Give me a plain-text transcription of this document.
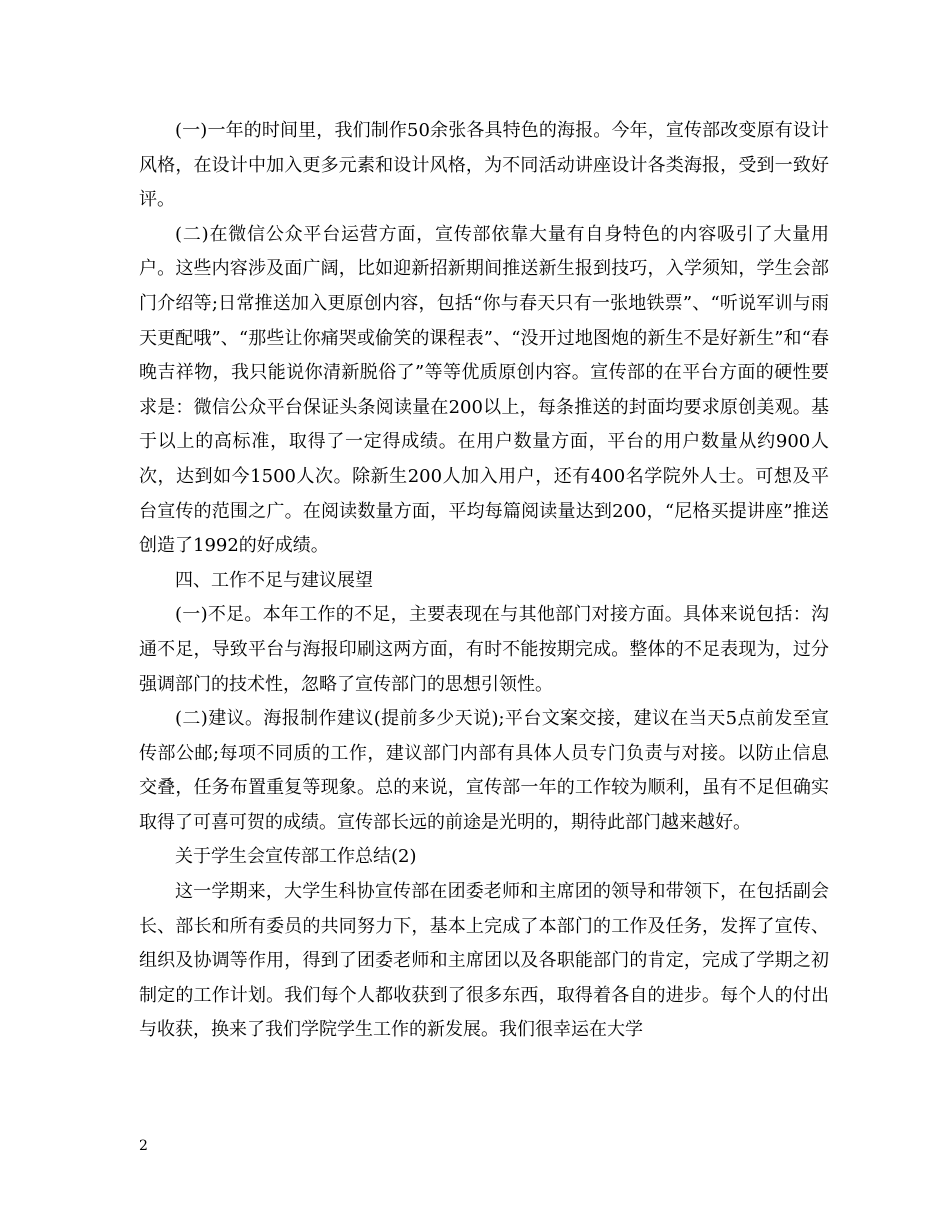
(一)一年的时间里，我们制作50余张各具特色的海报。今年，宣传部改变原有设计风格，在设计中加入更多元素和设计风格，为不同活动讲座设计各类海报，受到一致好评。

(二)在微信公众平台运营方面，宣传部依靠大量有自身特色的内容吸引了大量用户。这些内容涉及面广阔，比如迎新招新期间推送新生报到技巧，入学须知，学生会部门介绍等;日常推送加入更原创内容，包括“你与春天只有一张地铁票”、“听说军训与雨天更配哦”、“那些让你痛哭或偷笑的课程表”、“没开过地图炮的新生不是好新生”和“春晚吉祥物，我只能说你清新脱俗了”等等优质原创内容。宣传部的在平台方面的硬性要求是：微信公众平台保证头条阅读量在200以上，每条推送的封面均要求原创美观。基于以上的高标准，取得了一定得成绩。在用户数量方面，平台的用户数量从约900人次，达到如今1500人次。除新生200人加入用户，还有400名学院外人士。可想及平台宣传的范围之广。在阅读数量方面，平均每篇阅读量达到200，“尼格买提讲座”推送创造了1992的好成绩。

四、工作不足与建议展望

(一)不足。本年工作的不足，主要表现在与其他部门对接方面。具体来说包括：沟通不足，导致平台与海报印刷这两方面，有时不能按期完成。整体的不足表现为，过分强调部门的技术性，忽略了宣传部门的思想引领性。

(二)建议。海报制作建议(提前多少天说);平台文案交接，建议在当天5点前发至宣传部公邮;每项不同质的工作，建议部门内部有具体人员专门负责与对接。以防止信息交叠，任务布置重复等现象。总的来说，宣传部一年的工作较为顺利，虽有不足但确实取得了可喜可贺的成绩。宣传部长远的前途是光明的，期待此部门越来越好。

关于学生会宣传部工作总结(2)

这一学期来，大学生科协宣传部在团委老师和主席团的领导和带领下，在包括副会长、部长和所有委员的共同努力下，基本上完成了本部门的工作及任务，发挥了宣传、组织及协调等作用，得到了团委老师和主席团以及各职能部门的肯定，完成了学期之初制定的工作计划。我们每个人都收获到了很多东西，取得着各自的进步。每个人的付出与收获，换来了我们学院学生工作的新发展。我们很幸运在大学

2
